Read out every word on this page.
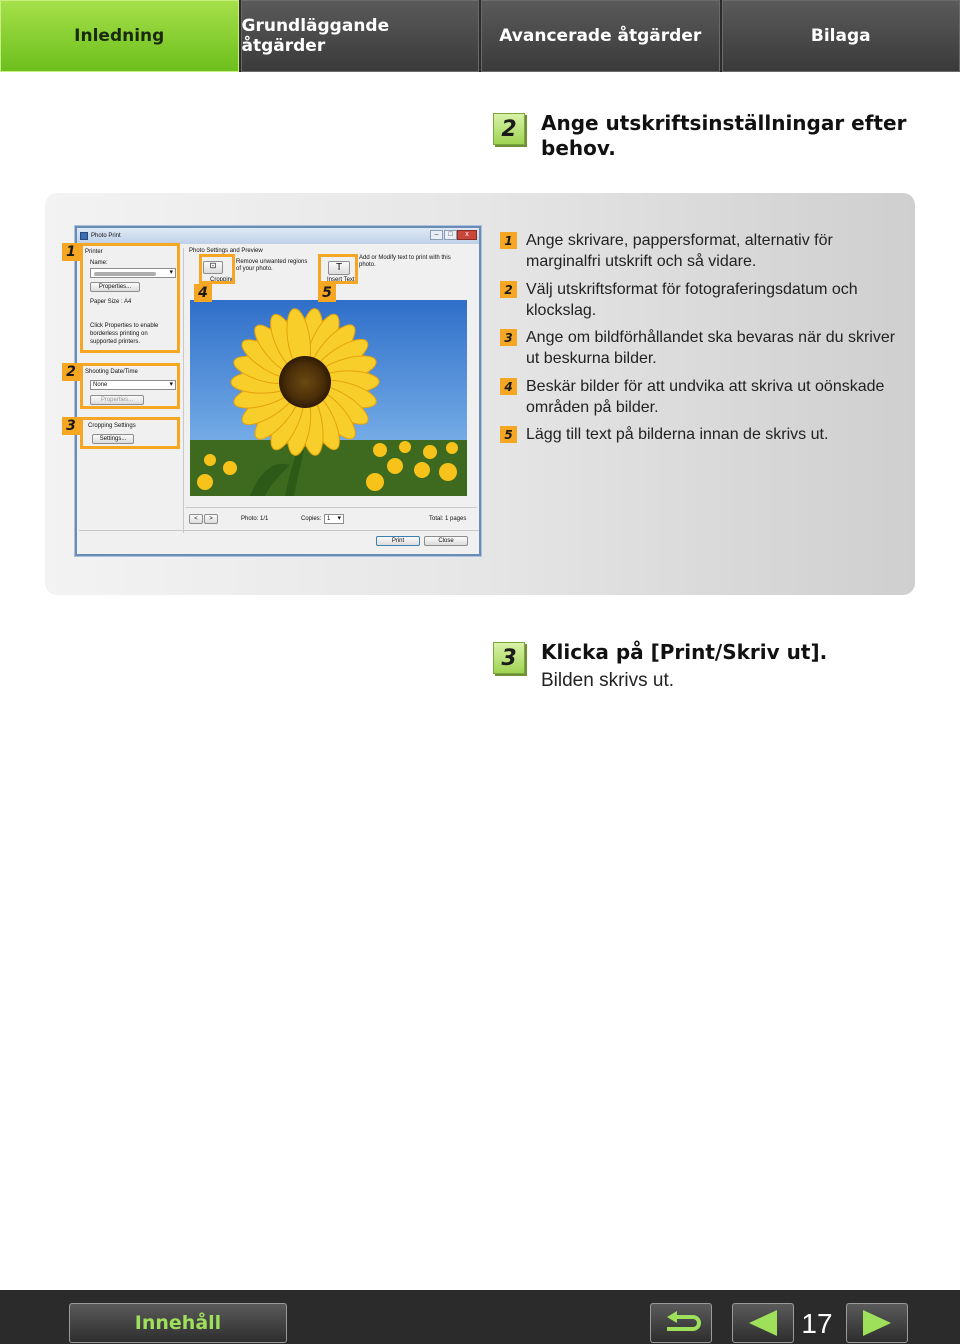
Inledning	Grundläggande åtgärder	Avancerade åtgärder	Bilaga
2	Ange utskriftsinställningar efter
behov.
Photo Print	–	□	x
Printer
Name:
▾
Properties...
Paper Size : A4
Click Properties to enable
borderless printing on
supported printers.
Shooting Date/Time
None ▾
Properties...
Cropping Settings
Settings...
Photo Settings and Preview
⊡	Remove unwanted regions
of your photo.
Cropping
T
Add or Modify text to print with this
photo.
Insert Text
<	>	Photo: 1/1	Copies: 1 ▾	Total: 1 pages
Print	Close
1
2
3
4	5
1 Ange skrivare, pappersformat, alternativ för marginalfri utskrift och så vidare.
2 Välj utskriftsformat för fotograferingsdatum och klockslag.
3 Ange om bildförhållandet ska bevaras när du skriver ut beskurna bilder.
4 Beskär bilder för att undvika att skriva ut oönskade områden på bilder.
5 Lägg till text på bilderna innan de skrivs ut.
3	Klicka på [Print/Skriv ut].
Bilden skrivs ut.
Innehåll	17
